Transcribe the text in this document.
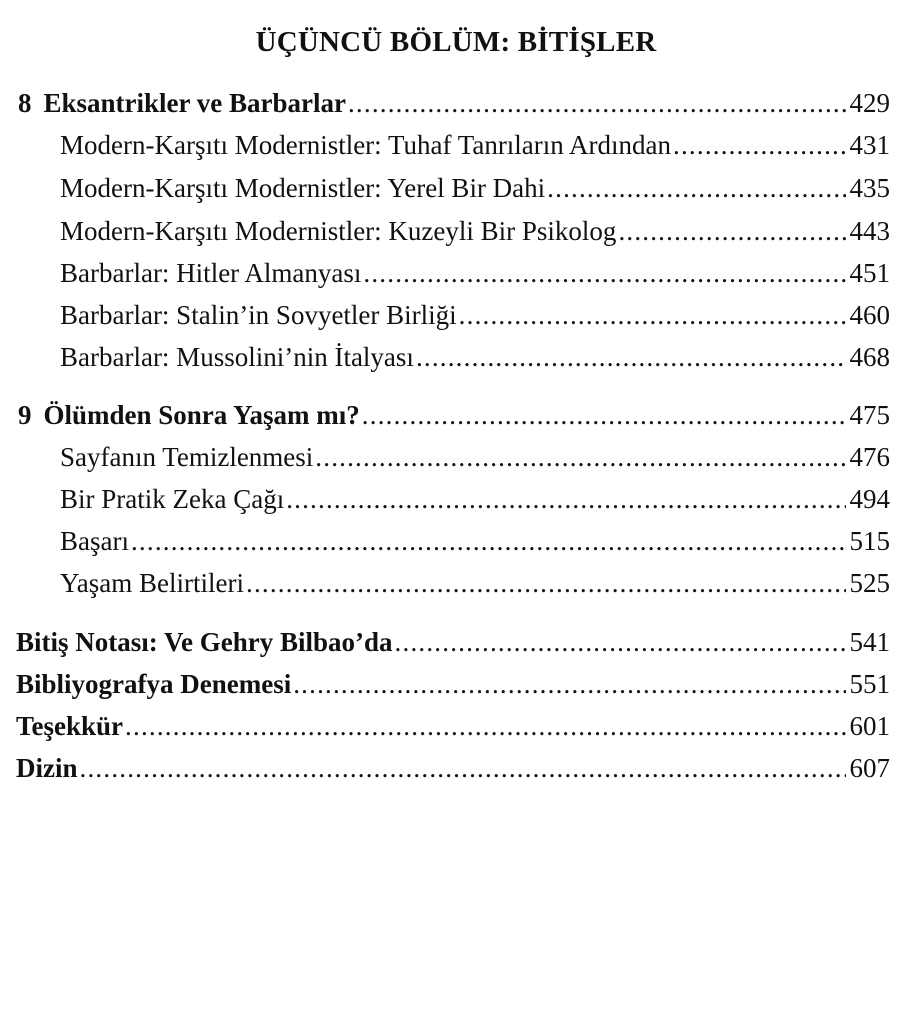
ÜÇÜNCÜ BÖLÜM: BİTİŞLER
8 Eksantrikler ve Barbarlar .....	429
Modern-Karşıtı Modernistler: Tuhaf Tanrıların Ardından .....	431
Modern-Karşıtı Modernistler: Yerel Bir Dahi .....	435
Modern-Karşıtı Modernistler: Kuzeyli Bir Psikolog .....	443
Barbarlar: Hitler Almanyası .....	451
Barbarlar: Stalin’in Sovyetler Birliği .....	460
Barbarlar: Mussolini’nin İtalyası .....	468
9 Ölümden Sonra Yaşam mı? .....	475
Sayfanın Temizlenmesi .....	476
Bir Pratik Zeka Çağı .....	494
Başarı .....	515
Yaşam Belirtileri .....	525
Bitiş Notası: Ve Gehry Bilbao’da .....	541
Bibliyografya Denemesi .....	551
Teşekkür .....	601
Dizin .....	607
